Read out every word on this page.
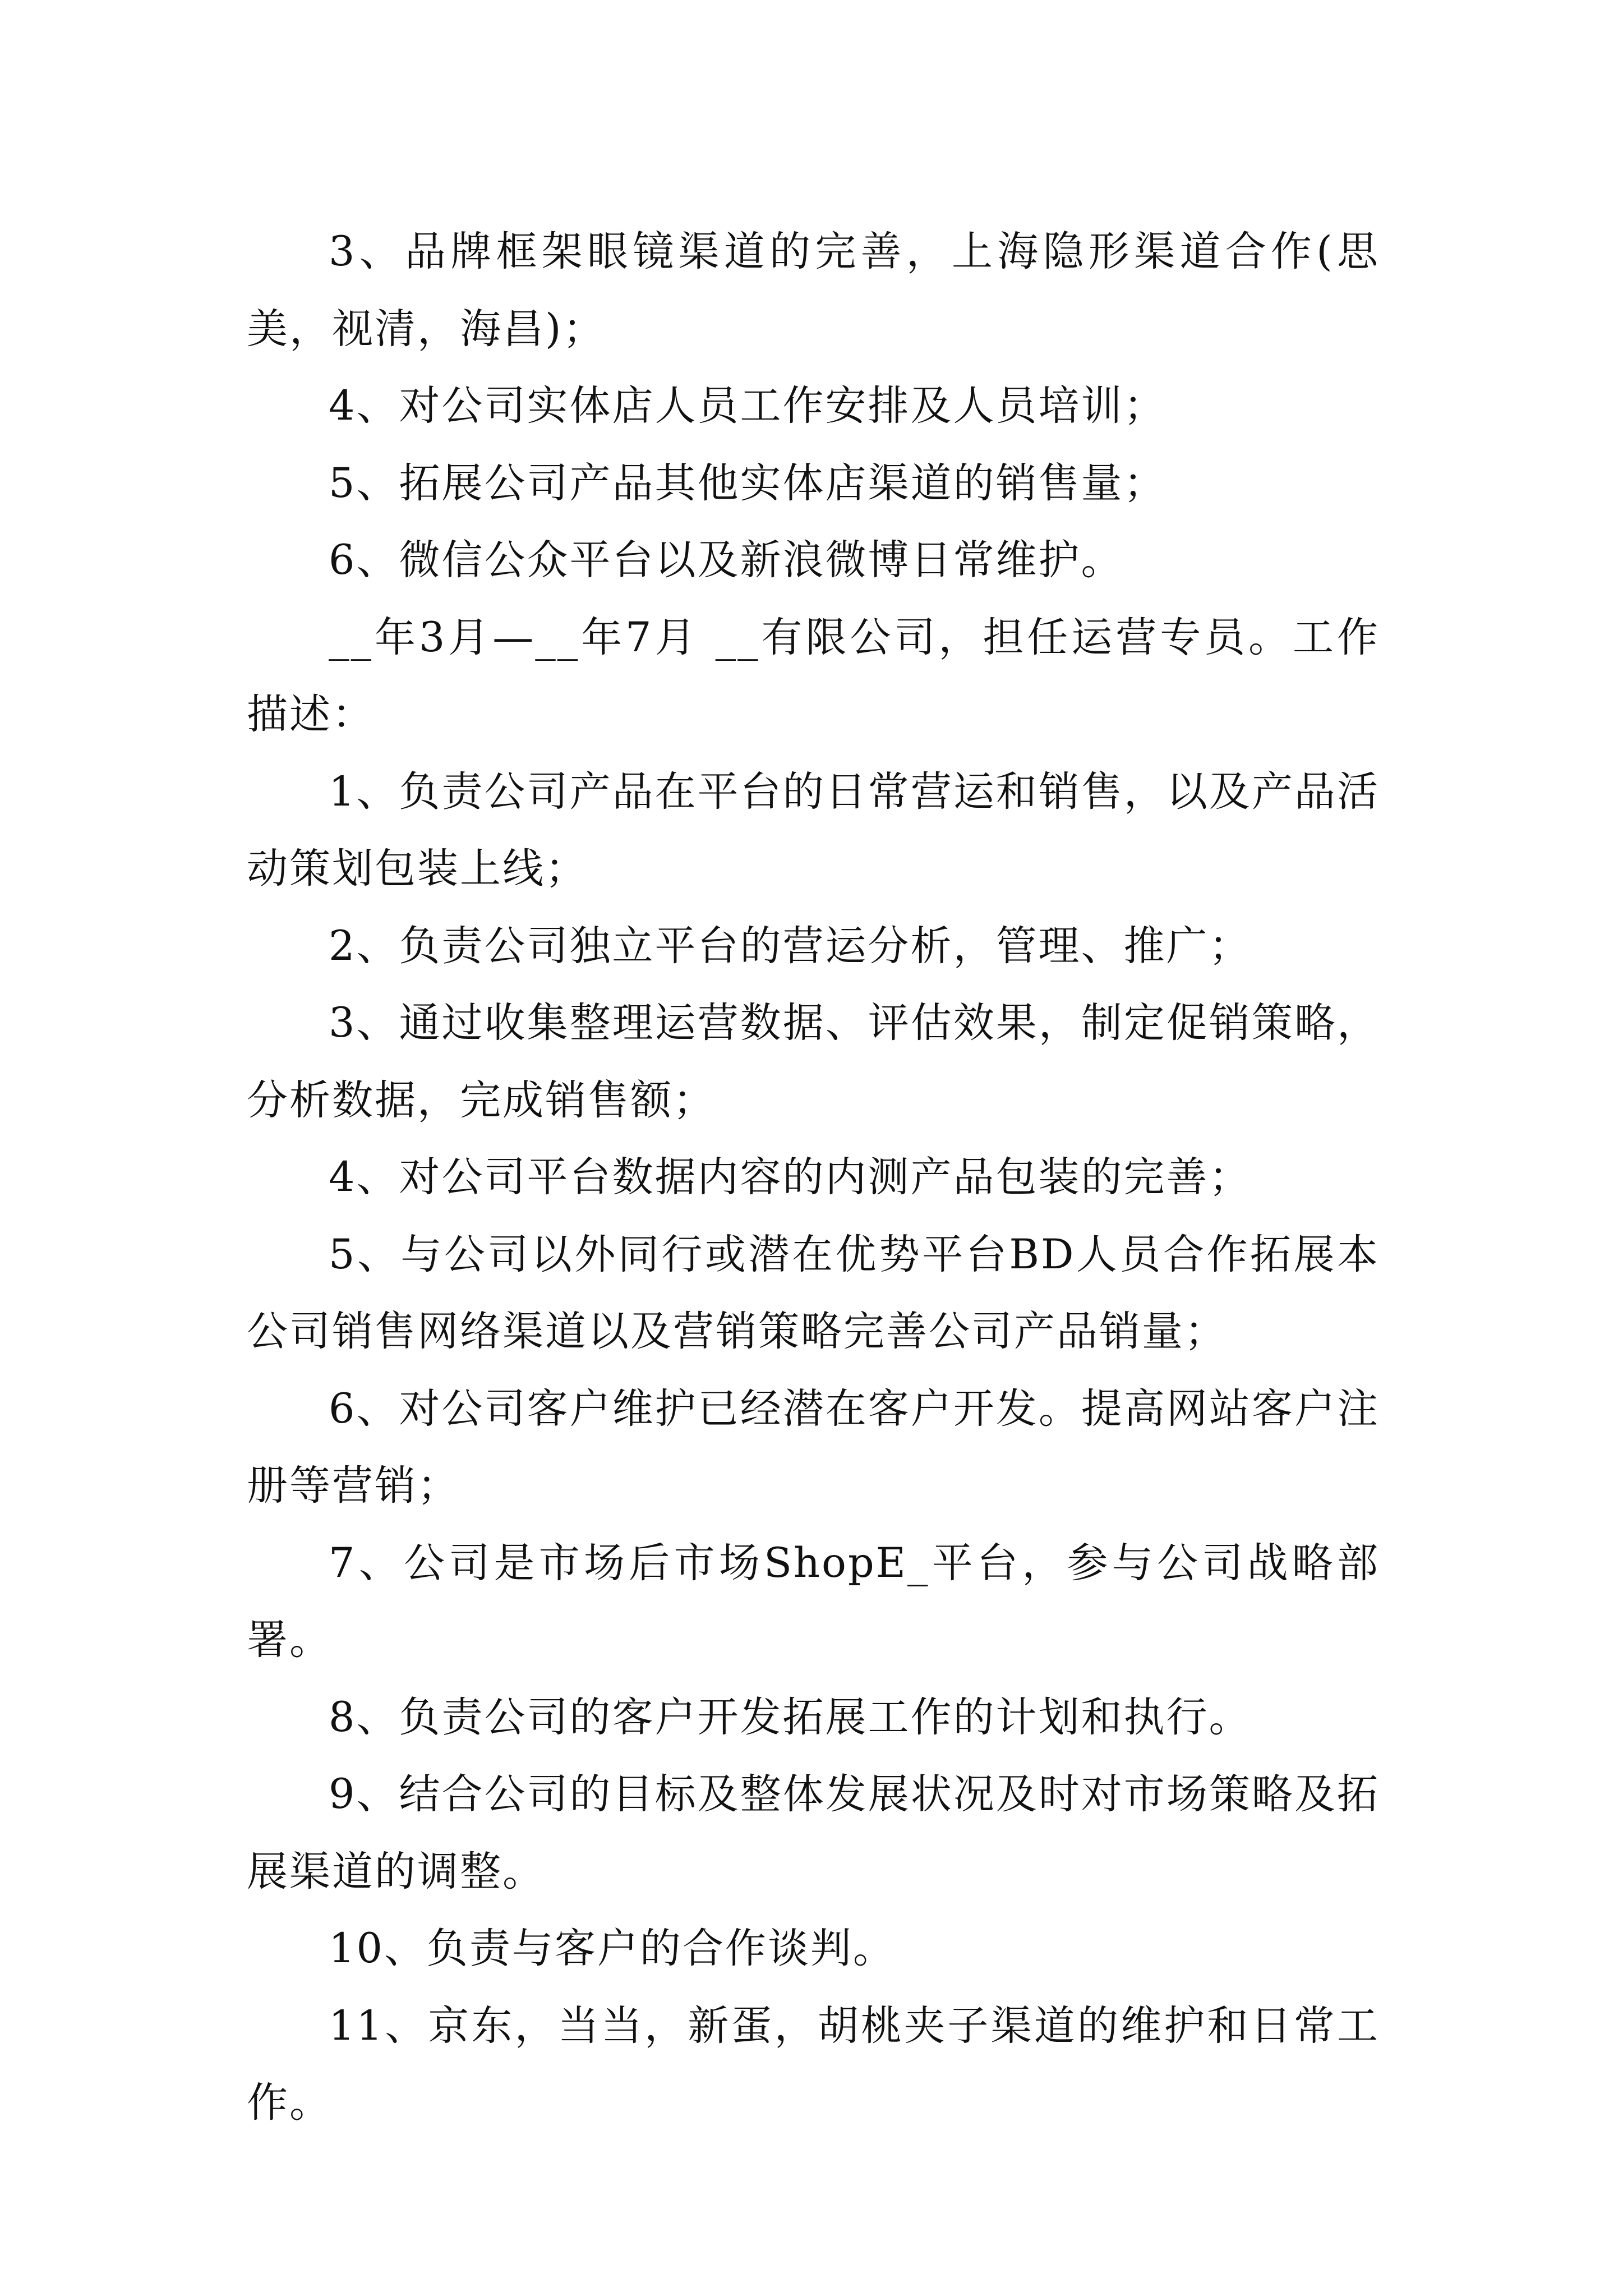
3、品牌框架眼镜渠道的完善，上海隐形渠道合作(思美，视清，海昌)；

4、对公司实体店人员工作安排及人员培训；

5、拓展公司产品其他实体店渠道的销售量；

6、微信公众平台以及新浪微博日常维护。

__年3月—__年7月 __有限公司，担任运营专员。工作描述：

1、负责公司产品在平台的日常营运和销售，以及产品活动策划包装上线；

2、负责公司独立平台的营运分析，管理、推广；

3、通过收集整理运营数据、评估效果，制定促销策略，分析数据，完成销售额；

4、对公司平台数据内容的内测产品包装的完善；

5、与公司以外同行或潜在优势平台BD人员合作拓展本公司销售网络渠道以及营销策略完善公司产品销量；

6、对公司客户维护已经潜在客户开发。提高网站客户注册等营销；

7、公司是市场后市场ShopE_平台，参与公司战略部署。

8、负责公司的客户开发拓展工作的计划和执行。

9、结合公司的目标及整体发展状况及时对市场策略及拓展渠道的调整。

10、负责与客户的合作谈判。

11、京东，当当，新蛋，胡桃夹子渠道的维护和日常工作。
